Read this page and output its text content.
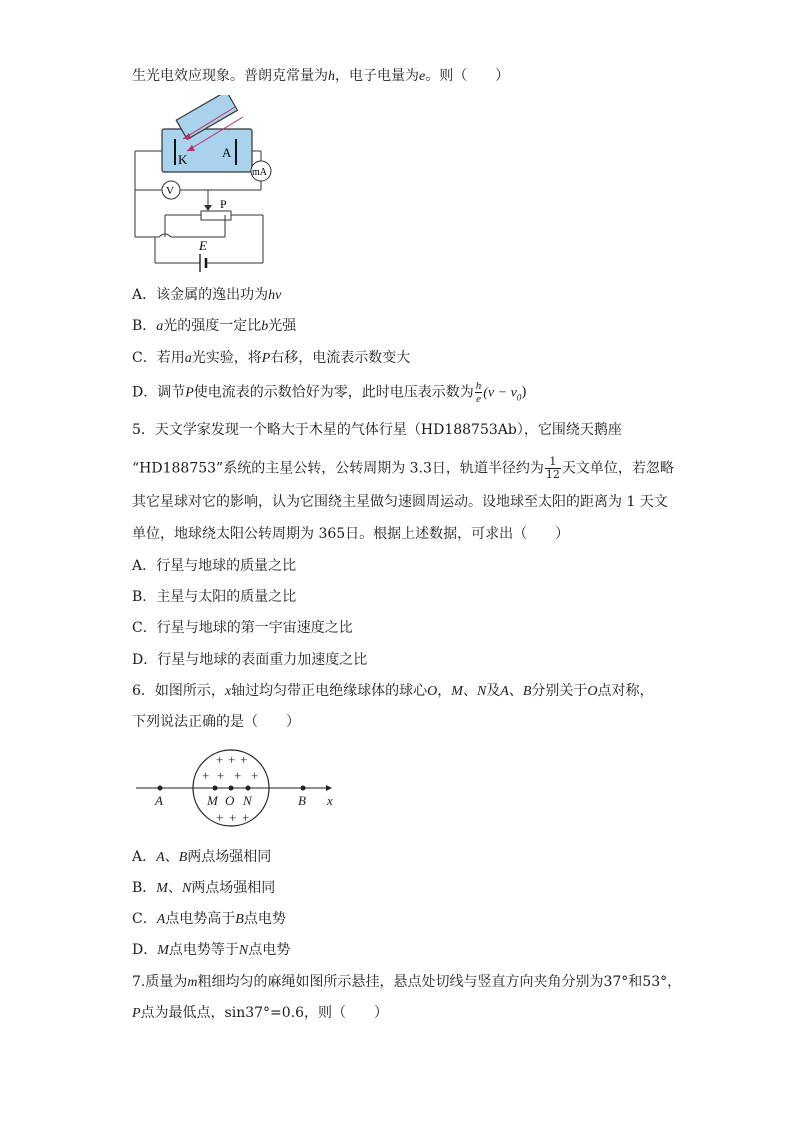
生光电效应现象。普朗克常量为h，电子电量为e。则（　　）
K	A
mA
V
P
E
A．该金属的逸出功为hν
B．a光的强度一定比b光强
C．若用a光实验，将P右移，电流表示数变大
D．调节P使电流表的示数恰好为零，此时电压表示数为 $\frac{h}{e} (\nu - \nu_0)$
5．天文学家发现一个略大于木星的气体行星（HD188753Ab），它围绕天鹅座
“HD188753”系统的主星公转，公转周期为 3.3日，轨道半径约为 $\frac{1}{12}$ 天文单位，若忽略
其它星球对它的影响，认为它围绕主星做匀速圆周运动。设地球至太阳的距离为 1 天文
单位，地球绕太阳公转周期为 365日。根据上述数据，可求出（　　）
A．行星与地球的质量之比
B．主星与太阳的质量之比
C．行星与地球的第一宇宙速度之比
D．行星与地球的表面重力加速度之比
6．如图所示，x轴过均匀带正电绝缘球体的球心O，M、N及A、B分别关于O点对称，
下列说法正确的是（　　）
+ + +
+ + + +
+ + +
A	M O N	B x
A．A、B两点场强相同
B．M、N两点场强相同
C．A点电势高于B点电势
D．M点电势等于N点电势
7.质量为m粗细均匀的麻绳如图所示悬挂，悬点处切线与竖直方向夹角分别为37°和53°，
P点为最低点，sin37°=0.6，则（　　）
